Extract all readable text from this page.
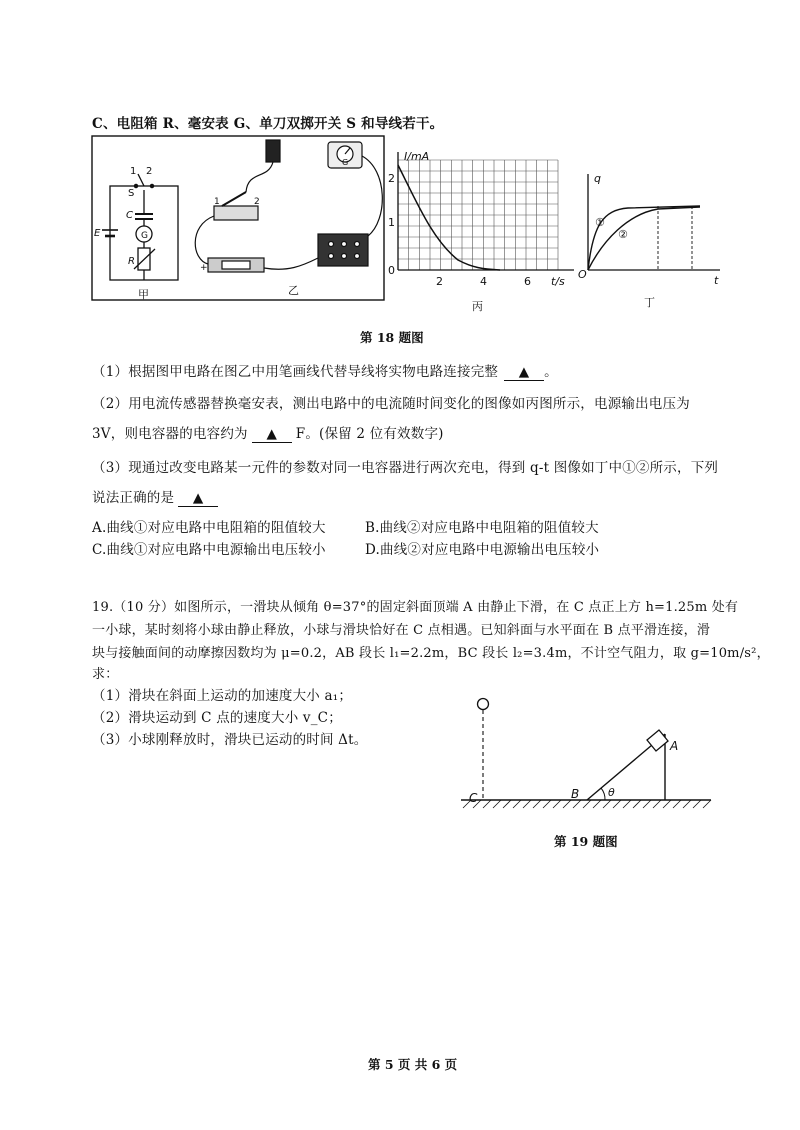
C、电阻箱 R、毫安表 G、单刀双掷开关 S 和导线若干。
1 2
S
C
G
E
R
甲
1	2
G
+
乙
I/mA
2
1
0
2	4	6 t/s
丙
q
O	t
①
②
丁
第 18 题图
（1）根据图甲电路在图乙中用笔画线代替导线将实物电路连接完整 ▲ 。
（2）用电流传感器替换毫安表，测出电路中的电流随时间变化的图像如丙图所示，电源输出电压为
3V，则电容器的电容约为 ▲ F。(保留 2 位有效数字)
（3）现通过改变电路某一元件的参数对同一电容器进行两次充电，得到 q-t 图像如丁中①②所示，下列
说法正确的是 ▲
A.曲线①对应电路中电阻箱的阻值较大	B.曲线②对应电路中电阻箱的阻值较大
C.曲线①对应电路中电源输出电压较小	D.曲线②对应电路中电源输出电压较小
19.（10 分）如图所示，一滑块从倾角 θ=37°的固定斜面顶端 A 由静止下滑，在 C 点正上方 h=1.25m 处有
一小球，某时刻将小球由静止释放，小球与滑块恰好在 C 点相遇。已知斜面与水平面在 B 点平滑连接，滑
块与接触面间的动摩擦因数均为 μ=0.2，AB 段长 l₁=2.2m，BC 段长 l₂=3.4m，不计空气阻力，取 g=10m/s²，
求：
（1）滑块在斜面上运动的加速度大小 a₁；
（2）滑块运动到 C 点的速度大小 v_C；
（3）小球刚释放时，滑块已运动的时间 Δt。
C	B
A
θ
第 19 题图
第 5 页 共 6 页
